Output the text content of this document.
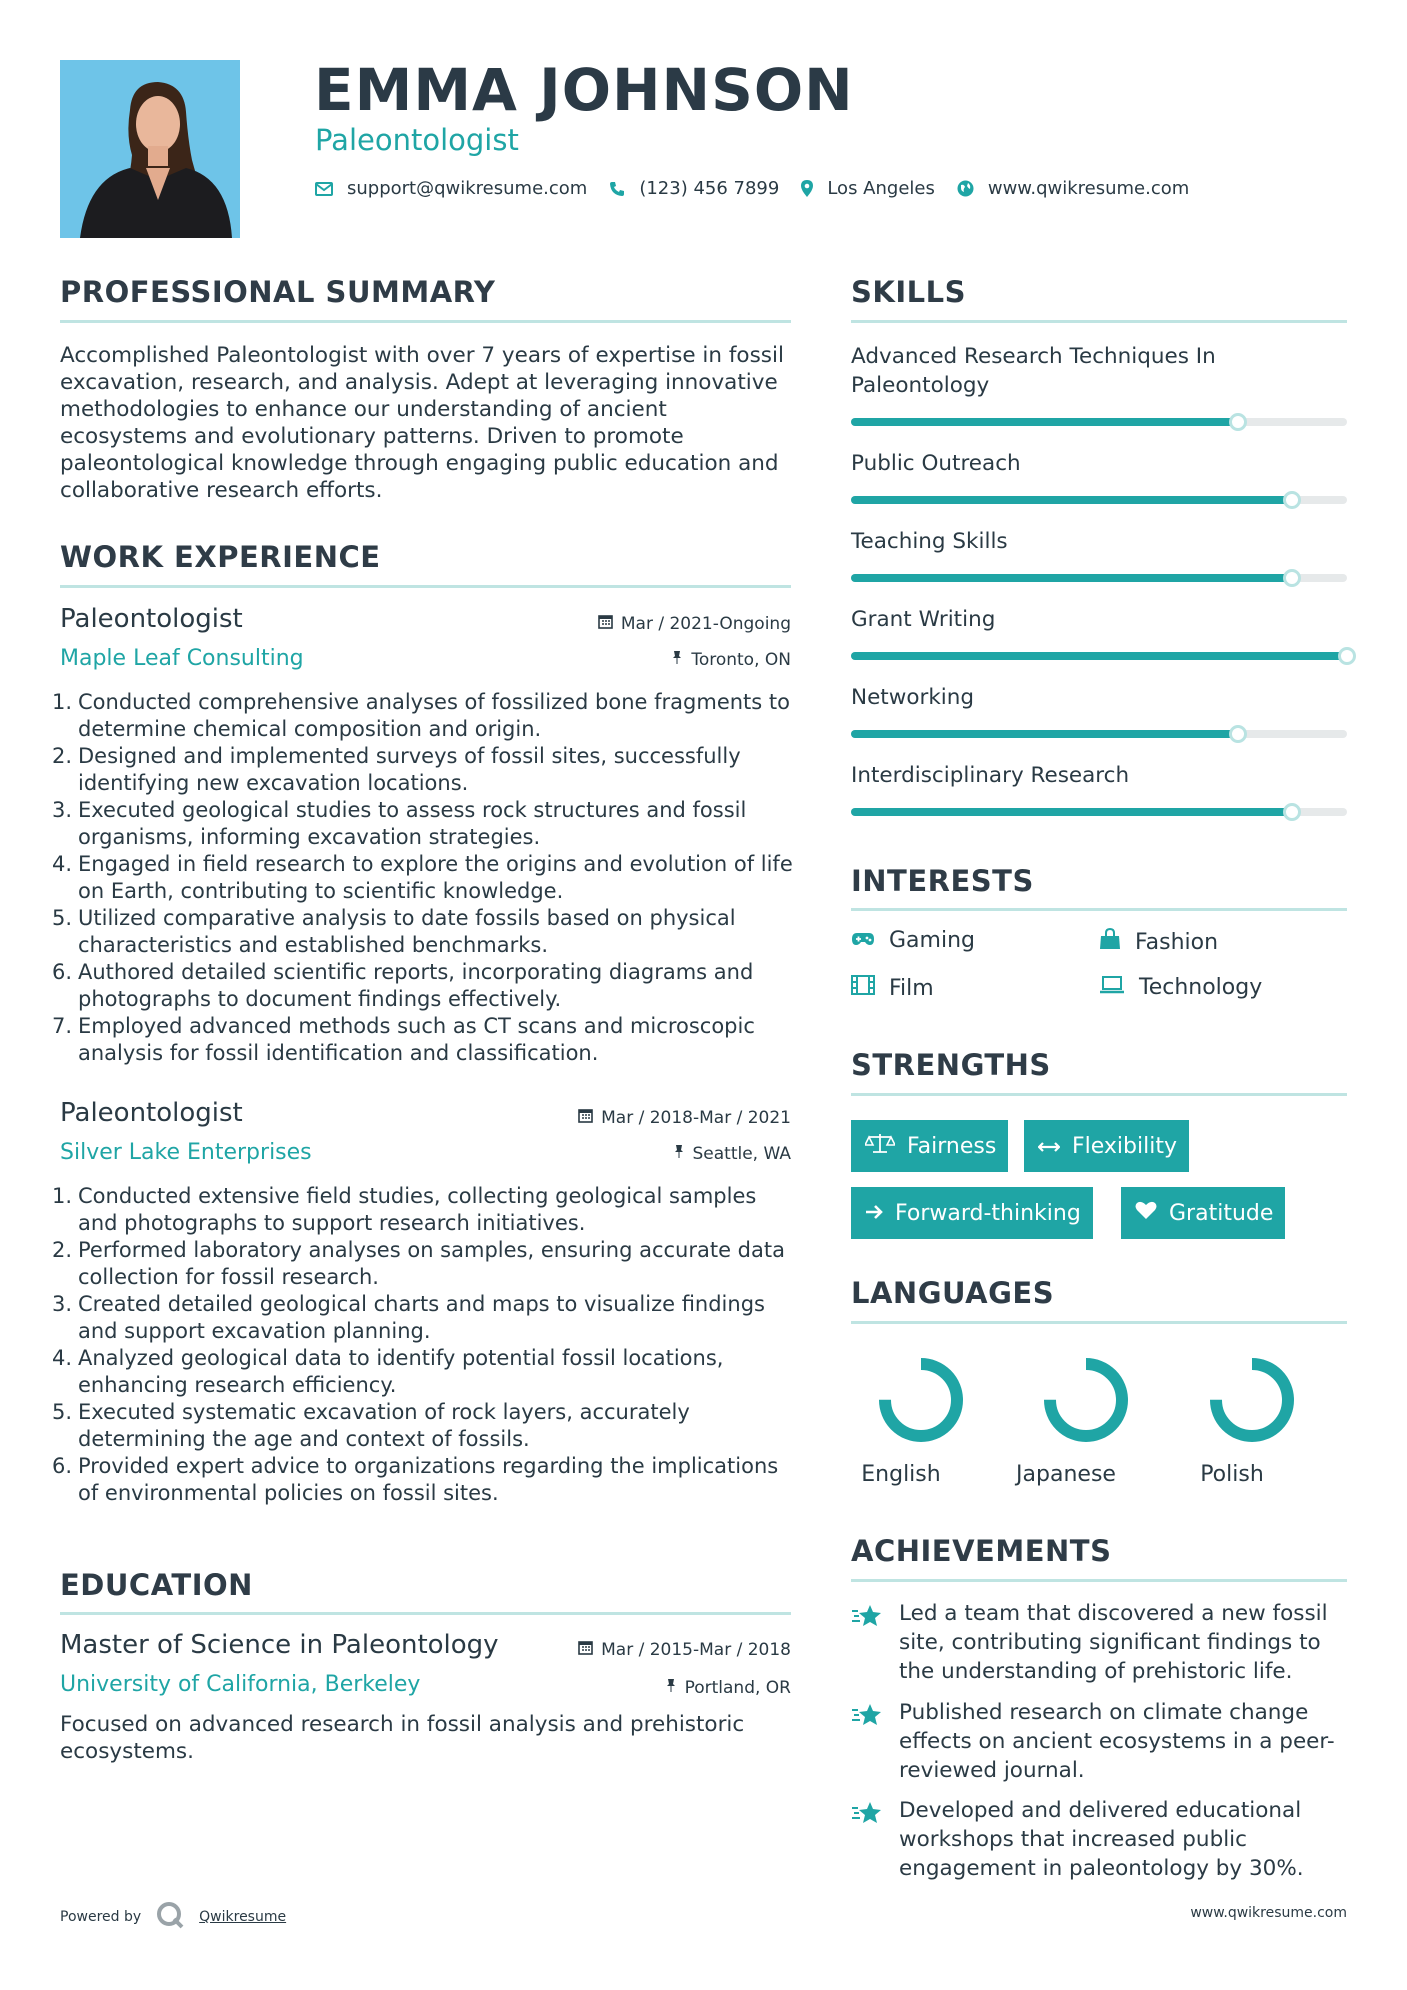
EMMA JOHNSON
Paleontologist
support@qwikresume.com	(123) 456 7899	Los Angeles	www.qwikresume.com
PROFESSIONAL SUMMARY
Accomplished Paleontologist with over 7 years of expertise in fossil excavation, research, and analysis. Adept at leveraging innovative methodologies to enhance our understanding of ancient ecosystems and evolutionary patterns. Driven to promote paleontological knowledge through engaging public education and collaborative research efforts.
WORK EXPERIENCE
Paleontologist
Maple Leaf Consulting
Mar / 2021-Ongoing
Toronto, ON
1. Conducted comprehensive analyses of fossilized bone fragments to determine chemical composition and origin.
2. Designed and implemented surveys of fossil sites, successfully identifying new excavation locations.
3. Executed geological studies to assess rock structures and fossil organisms, informing excavation strategies.
4. Engaged in field research to explore the origins and evolution of life on Earth, contributing to scientific knowledge.
5. Utilized comparative analysis to date fossils based on physical characteristics and established benchmarks.
6. Authored detailed scientific reports, incorporating diagrams and photographs to document findings effectively.
7. Employed advanced methods such as CT scans and microscopic analysis for fossil identification and classification.
Paleontologist
Silver Lake Enterprises
Mar / 2018-Mar / 2021
Seattle, WA
1. Conducted extensive field studies, collecting geological samples and photographs to support research initiatives.
2. Performed laboratory analyses on samples, ensuring accurate data collection for fossil research.
3. Created detailed geological charts and maps to visualize findings and support excavation planning.
4. Analyzed geological data to identify potential fossil locations, enhancing research efficiency.
5. Executed systematic excavation of rock layers, accurately determining the age and context of fossils.
6. Provided expert advice to organizations regarding the implications of environmental policies on fossil sites.
EDUCATION
Master of Science in Paleontology
University of California, Berkeley
Mar / 2015-Mar / 2018
Portland, OR
Focused on advanced research in fossil analysis and prehistoric ecosystems.
SKILLS
Advanced Research Techniques In Paleontology
Public Outreach
Teaching Skills
Grant Writing
Networking
Interdisciplinary Research
INTERESTS
Gaming	Fashion
Film	Technology
STRENGTHS
Fairness	Flexibility
Forward-thinking	Gratitude
LANGUAGES
English	Japanese	Polish
ACHIEVEMENTS
Led a team that discovered a new fossil site, contributing significant findings to the understanding of prehistoric life.
Published research on climate change effects on ancient ecosystems in a peer-reviewed journal.
Developed and delivered educational workshops that increased public engagement in paleontology by 30%.
Powered by	Qwikresume	www.qwikresume.com
